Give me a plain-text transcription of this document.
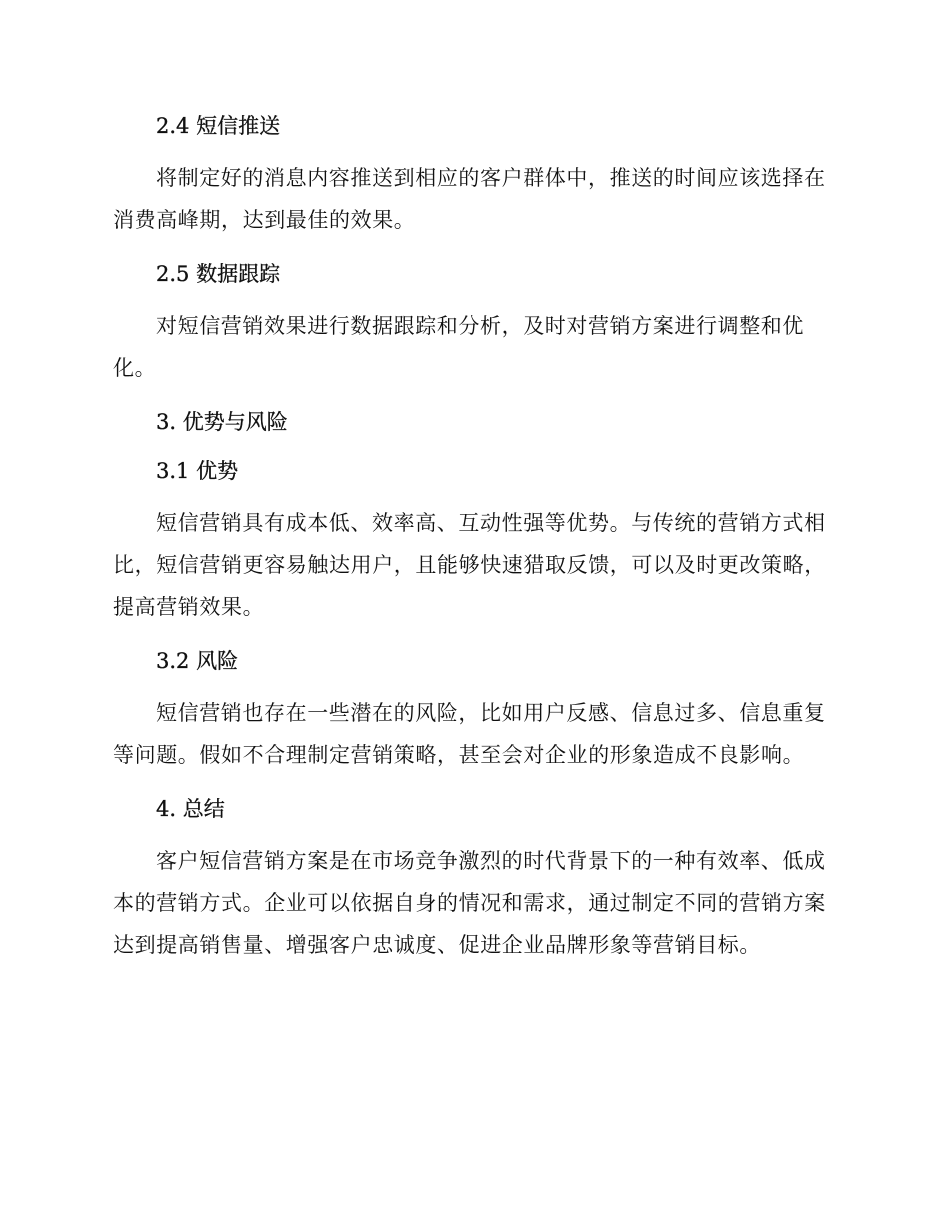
2.4 短信推送

将制定好的消息内容推送到相应的客户群体中，推送的时间应该选择在消费高峰期，达到最佳的效果。

2.5 数据跟踪

对短信营销效果进行数据跟踪和分析，及时对营销方案进行调整和优化。

3. 优势与风险
3.1 优势

短信营销具有成本低、效率高、互动性强等优势。与传统的营销方式相比，短信营销更容易触达用户，且能够快速猎取反馈，可以及时更改策略，提高营销效果。

3.2 风险

短信营销也存在一些潜在的风险，比如用户反感、信息过多、信息重复等问题。假如不合理制定营销策略，甚至会对企业的形象造成不良影响。

4. 总结

客户短信营销方案是在市场竞争激烈的时代背景下的一种有效率、低成本的营销方式。企业可以依据自身的情况和需求，通过制定不同的营销方案达到提高销售量、增强客户忠诚度、促进企业品牌形象等营销目标。
